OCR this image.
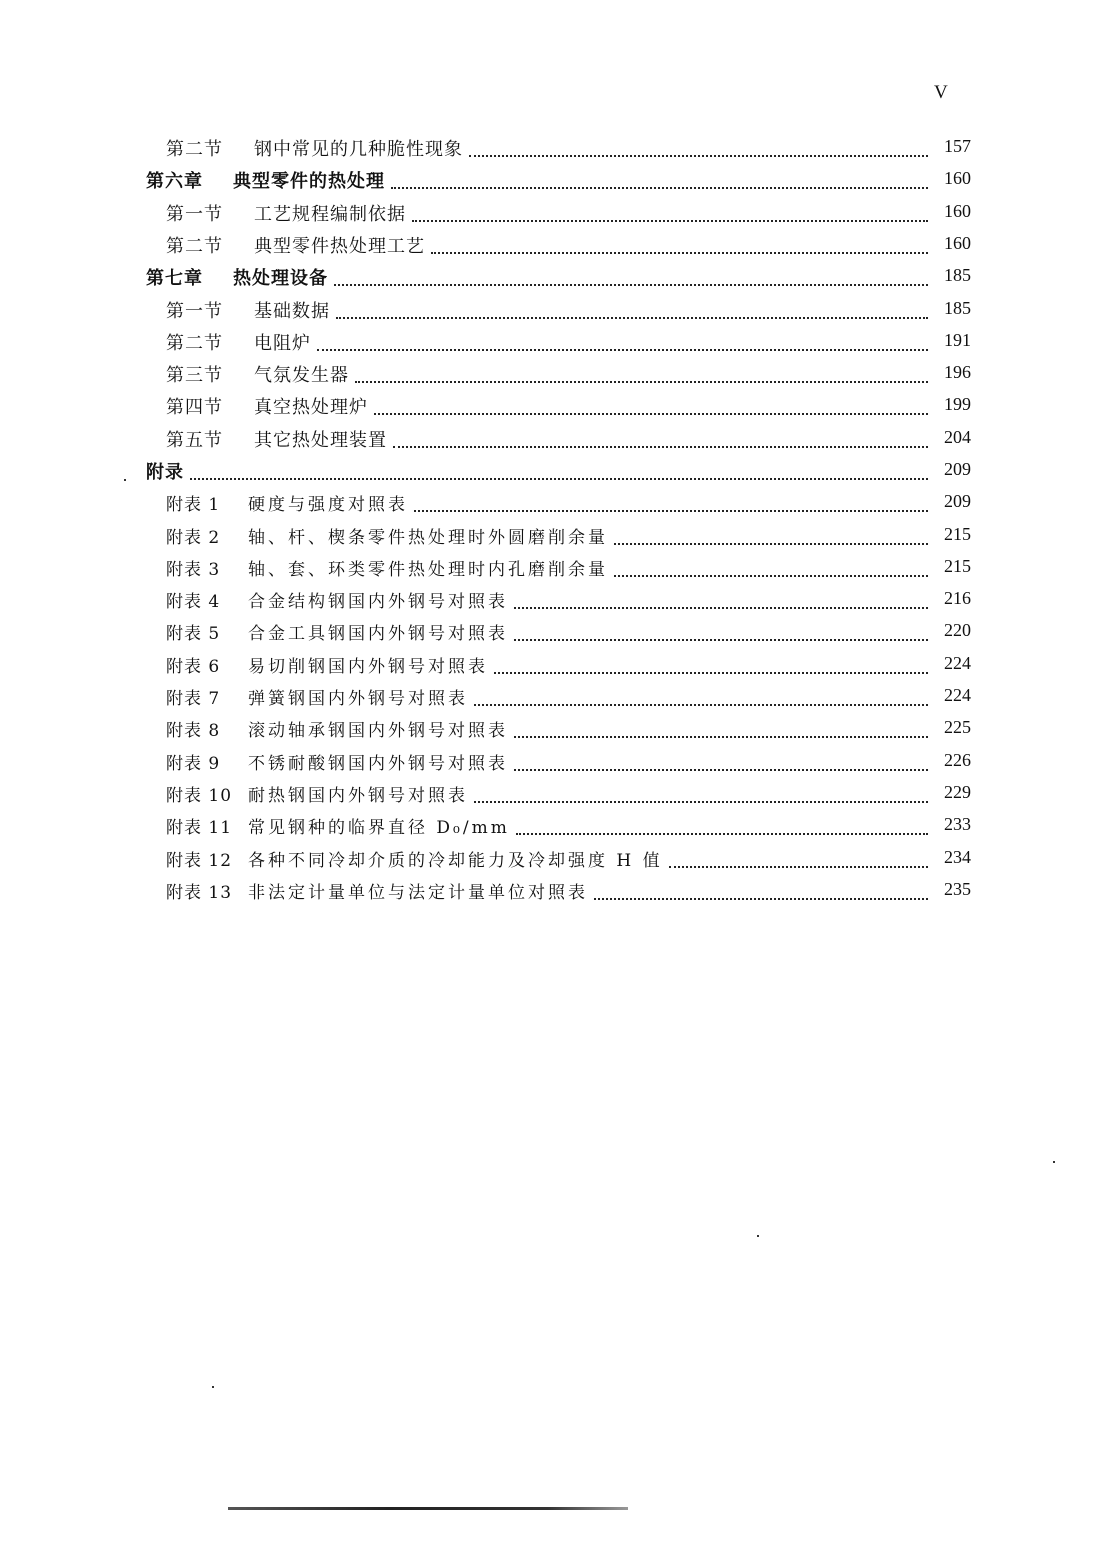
V
第二节 钢中常见的几种脆性现象	157
第六章 典型零件的热处理	160
第一节 工艺规程编制依据	160
第二节 典型零件热处理工艺	160
第七章 热处理设备	185
第一节 基础数据	185
第二节 电阻炉	191
第三节 气氛发生器	196
第四节 真空热处理炉	199
第五节 其它热处理装置	204
附录	209
附表 1 硬度与强度对照表	209
附表 2 轴、杆、楔条零件热处理时外圆磨削余量	215
附表 3 轴、套、环类零件热处理时内孔磨削余量	215
附表 4 合金结构钢国内外钢号对照表	216
附表 5 合金工具钢国内外钢号对照表	220
附表 6 易切削钢国内外钢号对照表	224
附表 7 弹簧钢国内外钢号对照表	224
附表 8 滚动轴承钢国内外钢号对照表	225
附表 9 不锈耐酸钢国内外钢号对照表	226
附表 10 耐热钢国内外钢号对照表	229
附表 11 常见钢种的临界直径 D₀/mm	233
附表 12 各种不同冷却介质的冷却能力及冷却强度 H 值	234
附表 13 非法定计量单位与法定计量单位对照表	235
